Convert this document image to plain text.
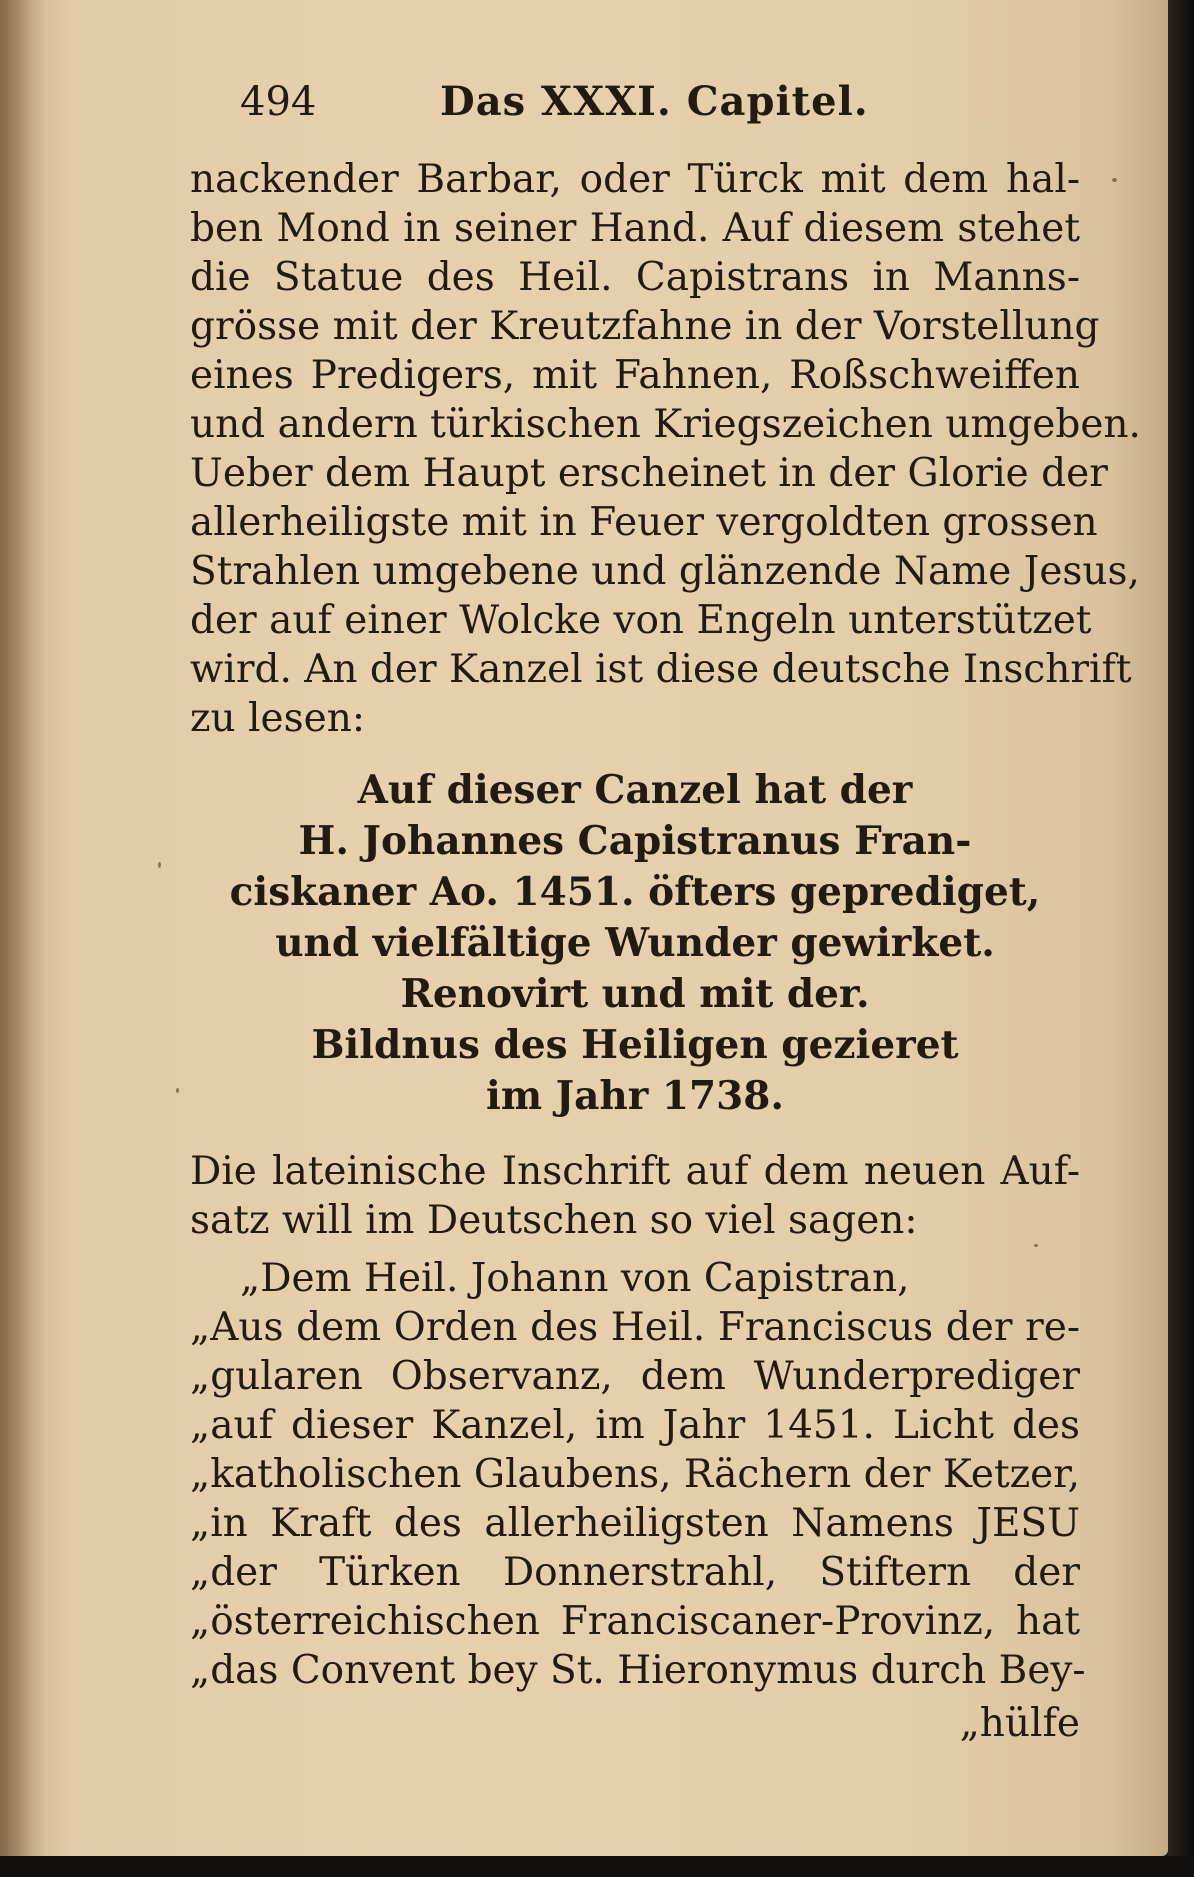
494	Das XXXI. Capitel.
nackender Barbar, oder Türck mit dem hal-
ben Mond in seiner Hand. Auf diesem stehet
die Statue des Heil. Capistrans in Manns-
grösse mit der Kreutzfahne in der Vorstellung
eines Predigers, mit Fahnen, Roßschweiffen
und andern türkischen Kriegszeichen umgeben.
Ueber dem Haupt erscheinet in der Glorie der
allerheiligste mit in Feuer vergoldten grossen
Strahlen umgebene und glänzende Name Jesus,
der auf einer Wolcke von Engeln unterstützet
wird. An der Kanzel ist diese deutsche Inschrift
zu lesen:
Auf dieser Canzel hat der
H. Johannes Capistranus Fran-
ciskaner Ao. 1451. öfters geprediget,
und vielfältige Wunder gewirket.
Renovirt und mit der.
Bildnus des Heiligen gezieret
im Jahr 1738.
Die lateinische Inschrift auf dem neuen Auf-
satz will im Deutschen so viel sagen:
„Dem Heil. Johann von Capistran,
„Aus dem Orden des Heil. Franciscus der re-
„gularen Observanz, dem Wunderprediger
„auf dieser Kanzel, im Jahr 1451. Licht des
„katholischen Glaubens, Rächern der Ketzer,
„in Kraft des allerheiligsten Namens JESU
„der Türken Donnerstrahl, Stiftern der
„österreichischen Franciscaner-Provinz, hat
„das Convent bey St. Hieronymus durch Bey-
„hülfe
